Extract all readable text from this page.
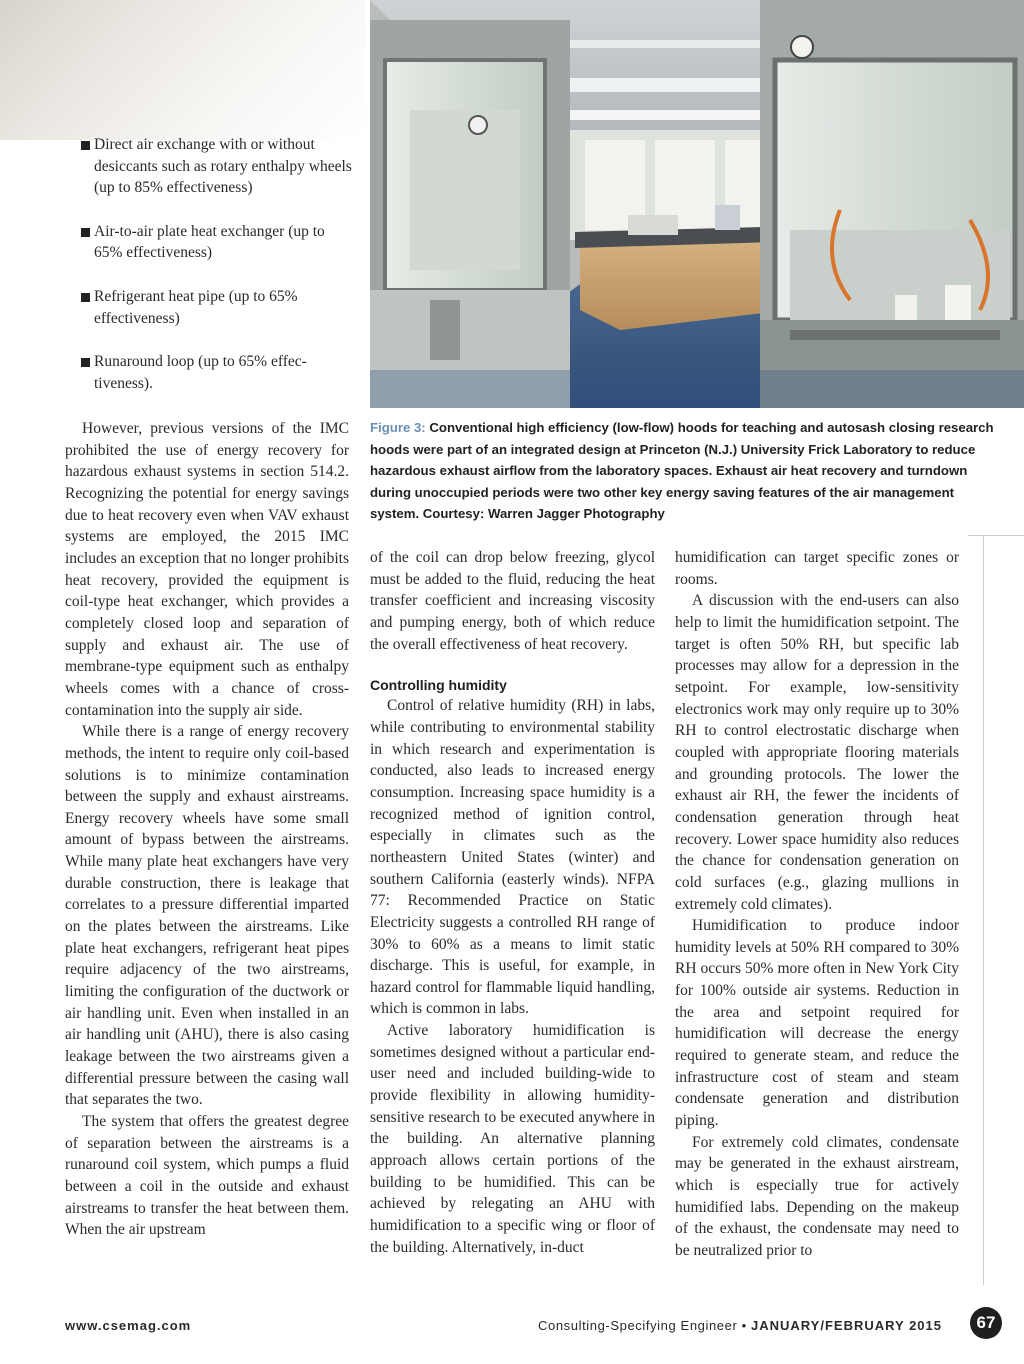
Direct air exchange with or without desiccants such as rotary enthalpy wheels (up to 85% effectiveness)
Air-to-air plate heat exchanger (up to 65% effectiveness)
Refrigerant heat pipe (up to 65% effectiveness)
Runaround loop (up to 65% effec-tiveness).
Figure 3: Conventional high efficiency (low-flow) hoods for teaching and autosash closing research hoods were part of an integrated design at Princeton (N.J.) University Frick Laboratory to reduce hazardous exhaust airflow from the laboratory spaces. Exhaust air heat recovery and turndown during unoccupied periods were two other key energy saving features of the air management system. Courtesy: Warren Jagger Photography

However, previous versions of the IMC prohibited the use of energy recovery for hazardous exhaust systems in section 514.2. Recognizing the potential for energy savings due to heat recovery even when VAV exhaust systems are employed, the 2015 IMC includes an exception that no longer prohibits heat recovery, provided the equipment is coil-type heat exchanger, which provides a completely closed loop and separation of supply and exhaust air. The use of membrane-type equipment such as enthalpy wheels comes with a chance of cross-contamination into the supply air side.

While there is a range of energy recovery methods, the intent to require only coil-based solutions is to minimize contamination between the supply and exhaust airstreams. Energy recovery wheels have some small amount of bypass between the airstreams. While many plate heat exchangers have very durable construction, there is leakage that correlates to a pressure differential imparted on the plates between the airstreams. Like plate heat exchangers, refrigerant heat pipes require adjacency of the two airstreams, limiting the configuration of the ductwork or air handling unit. Even when installed in an air handling unit (AHU), there is also casing leakage between the two airstreams given a differential pressure between the casing wall that separates the two.

The system that offers the greatest degree of separation between the airstreams is a runaround coil system, which pumps a fluid between a coil in the outside and exhaust airstreams to transfer the heat between them. When the air upstream

of the coil can drop below freezing, glycol must be added to the fluid, reducing the heat transfer coefficient and increasing viscosity and pumping energy, both of which reduce the overall effectiveness of heat recovery.

Controlling humidity

Control of relative humidity (RH) in labs, while contributing to environmental stability in which research and experimentation is conducted, also leads to increased energy consumption. Increasing space humidity is a recognized method of ignition control, especially in climates such as the northeastern United States (winter) and southern California (easterly winds). NFPA 77: Recommended Practice on Static Electricity suggests a controlled RH range of 30% to 60% as a means to limit static discharge. This is useful, for example, in hazard control for flammable liquid handling, which is common in labs.

Active laboratory humidification is sometimes designed without a particular end-user need and included building-wide to provide flexibility in allowing humidity-sensitive research to be executed anywhere in the building. An alternative planning approach allows certain portions of the building to be humidified. This can be achieved by relegating an AHU with humidification to a specific wing or floor of the building. Alternatively, in-duct

humidification can target specific zones or rooms.

A discussion with the end-users can also help to limit the humidification setpoint. The target is often 50% RH, but specific lab processes may allow for a depression in the setpoint. For example, low-sensitivity electronics work may only require up to 30% RH to control electrostatic discharge when coupled with appropriate flooring materials and grounding protocols. The lower the exhaust air RH, the fewer the incidents of condensation generation through heat recovery. Lower space humidity also reduces the chance for condensation generation on cold surfaces (e.g., glazing mullions in extremely cold climates).

Humidification to produce indoor humidity levels at 50% RH compared to 30% RH occurs 50% more often in New York City for 100% outside air systems. Reduction in the area and setpoint required for humidification will decrease the energy required to generate steam, and reduce the infrastructure cost of steam and steam condensate generation and distribution piping.

For extremely cold climates, condensate may be generated in the exhaust airstream, which is especially true for actively humidified labs. Depending on the makeup of the exhaust, the condensate may need to be neutralized prior to

www.csemag.com	Consulting-Specifying Engineer • JANUARY/FEBRUARY 2015	67
